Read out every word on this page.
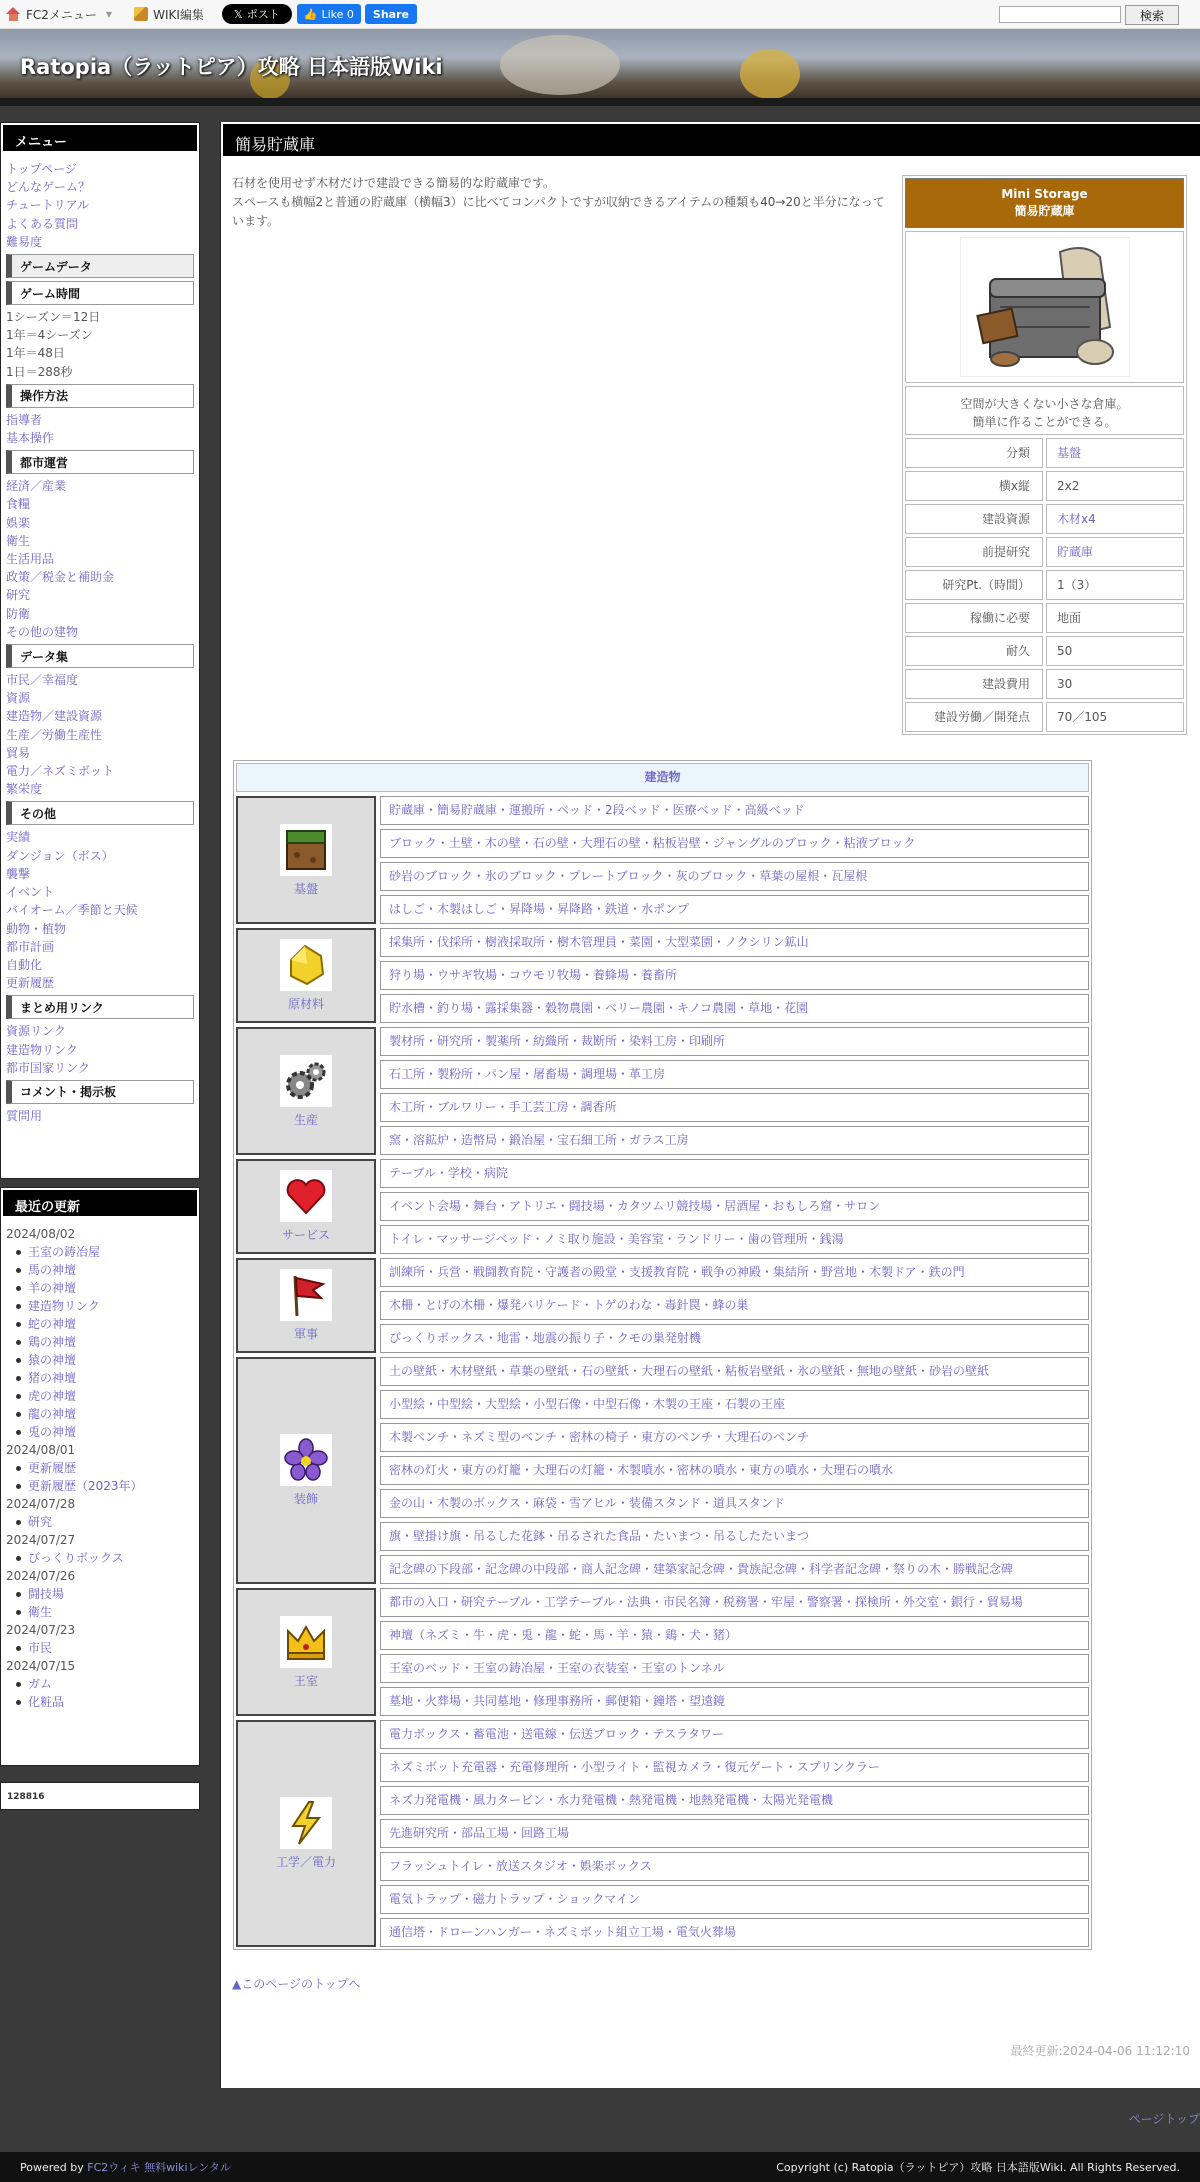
FC2メニュー ▼	WIKI編集	𝕏 ポスト 👍 Like 0	Share	検索
Ratopia（ラットピア）攻略 日本語版Wiki
メニュー
トップページ
どんなゲーム？
チュートリアル
よくある質問
難易度
ゲームデータ
ゲーム時間
1シーズン＝12日
1年＝4シーズン
1年＝48日
1日＝288秒
操作方法
指導者
基本操作
都市運営
経済／産業
食糧
娯楽
衛生
生活用品
政策／税金と補助金
研究
防衛
その他の建物
データ集
市民／幸福度
資源
建造物／建設資源
生産／労働生産性
貿易
電力／ネズミボット
繁栄度
その他
実績
ダンジョン（ボス）
襲撃
イベント
バイオーム／季節と天候
動物・植物
都市計画
自動化
更新履歴
まとめ用リンク
資源リンク
建造物リンク
都市国家リンク
コメント・掲示板
質問用
最近の更新
2024/08/02
王室の鋳冶屋
馬の神壇
羊の神壇
建造物リンク
蛇の神壇
鶏の神壇
猿の神壇
猪の神壇
虎の神壇
龍の神壇
兎の神壇
2024/08/01
更新履歴
更新履歴（2023年）
2024/07/28
研究
2024/07/27
びっくりボックス
2024/07/26
闘技場
衛生
2024/07/23
市民
2024/07/15
ガム
化粧品
128816
簡易貯蔵庫
石材を使用せず木材だけで建設できる簡易的な貯蔵庫です。
スペースも横幅2と普通の貯蔵庫（横幅3）に比べてコンパクトですが収納できるアイテムの種類も40→20と半分になっています。
Mini Storage
簡易貯蔵庫
空間が大きくない小さな倉庫。
簡単に作ることができる。
分類	基盤
横x縦	2x2
建設資源	木材x4
前提研究	貯蔵庫
研究Pt.（時間）	1（3）
稼働に必要	地面
耐久	50
建設費用	30
建設労働／開発点	70／105
建造物
基盤
貯蔵庫・簡易貯蔵庫・運搬所・ベッド・2段ベッド・医療ベッド・高級ベッド
ブロック・土壁・木の壁・石の壁・大理石の壁・粘板岩壁・ジャングルのブロック・粘液ブロック
砂岩のブロック・氷のブロック・プレートブロック・灰のブロック・草葉の屋根・瓦屋根
はしご・木製はしご・昇降場・昇降路・鉄道・水ポンプ
原材料
採集所・伐採所・樹液採取所・樹木管理員・菜園・大型菜園・ノクシリン鉱山
狩り場・ウサギ牧場・コウモリ牧場・養蜂場・養畜所
貯水槽・釣り場・露採集器・穀物農園・ベリー農園・キノコ農園・草地・花園
生産
製材所・研究所・製薬所・紡織所・裁断所・染料工房・印刷所
石工所・製粉所・パン屋・屠畜場・調理場・革工房
木工所・ブルワリー・手工芸工房・調香所
窯・溶鉱炉・造幣局・鍛冶屋・宝石細工所・ガラス工房
サービス
テーブル・学校・病院
イベント会場・舞台・アトリエ・闘技場・カタツムリ競技場・居酒屋・おもしろ窟・サロン
トイレ・マッサージベッド・ノミ取り施設・美容室・ランドリー・歯の管理所・銭湯
軍事
訓練所・兵営・戦闘教育院・守護者の殿堂・支援教育院・戦争の神殿・集結所・野営地・木製ドア・鉄の門
木柵・とげの木柵・爆発バリケード・トゲのわな・毒針罠・蜂の巣
びっくりボックス・地雷・地震の振り子・クモの巣発射機
装飾
土の壁紙・木材壁紙・草葉の壁紙・石の壁紙・大理石の壁紙・粘板岩壁紙・氷の壁紙・無地の壁紙・砂岩の壁紙
小型絵・中型絵・大型絵・小型石像・中型石像・木製の王座・石製の王座
木製ベンチ・ネズミ型のベンチ・密林の椅子・東方のベンチ・大理石のベンチ
密林の灯火・東方の灯籠・大理石の灯籠・木製噴水・密林の噴水・東方の噴水・大理石の噴水
金の山・木製のボックス・麻袋・雪アヒル・装備スタンド・道具スタンド
旗・壁掛け旗・吊るした花鉢・吊るされた食品・たいまつ・吊るしたたいまつ
記念碑の下段部・記念碑の中段部・商人記念碑・建築家記念碑・貴族記念碑・科学者記念碑・祭りの木・勝戦記念碑
王室
都市の入口・研究テーブル・工学テーブル・法典・市民名簿・税務署・牢屋・警察署・探検所・外交室・銀行・貿易場
神壇（ネズミ・牛・虎・兎・龍・蛇・馬・羊・猿・鶏・犬・猪）
王室のベッド・王室の鋳冶屋・王室の衣装室・王室のトンネル
墓地・火葬場・共同墓地・修理事務所・郵便箱・鐘塔・望遠鏡
工学／電力
電力ボックス・蓄電池・送電線・伝送ブロック・テスラタワー
ネズミボット充電器・充電修理所・小型ライト・監視カメラ・復元ゲート・スプリンクラー
ネズ力発電機・風力タービン・水力発電機・熱発電機・地熱発電機・太陽光発電機
先進研究所・部品工場・回路工場
フラッシュトイレ・放送スタジオ・娯楽ボックス
電気トラップ・磁力トラップ・ショックマイン
通信塔・ドローンハンガー・ネズミボット組立工場・電気火葬場
▲このページのトップへ
最終更新:2024-04-06 11:12:10
ページトップ
Powered by FC2ウィキ 無料wikiレンタル	Copyright (c) Ratopia（ラットピア）攻略 日本語版Wiki. All Rights Reserved.
